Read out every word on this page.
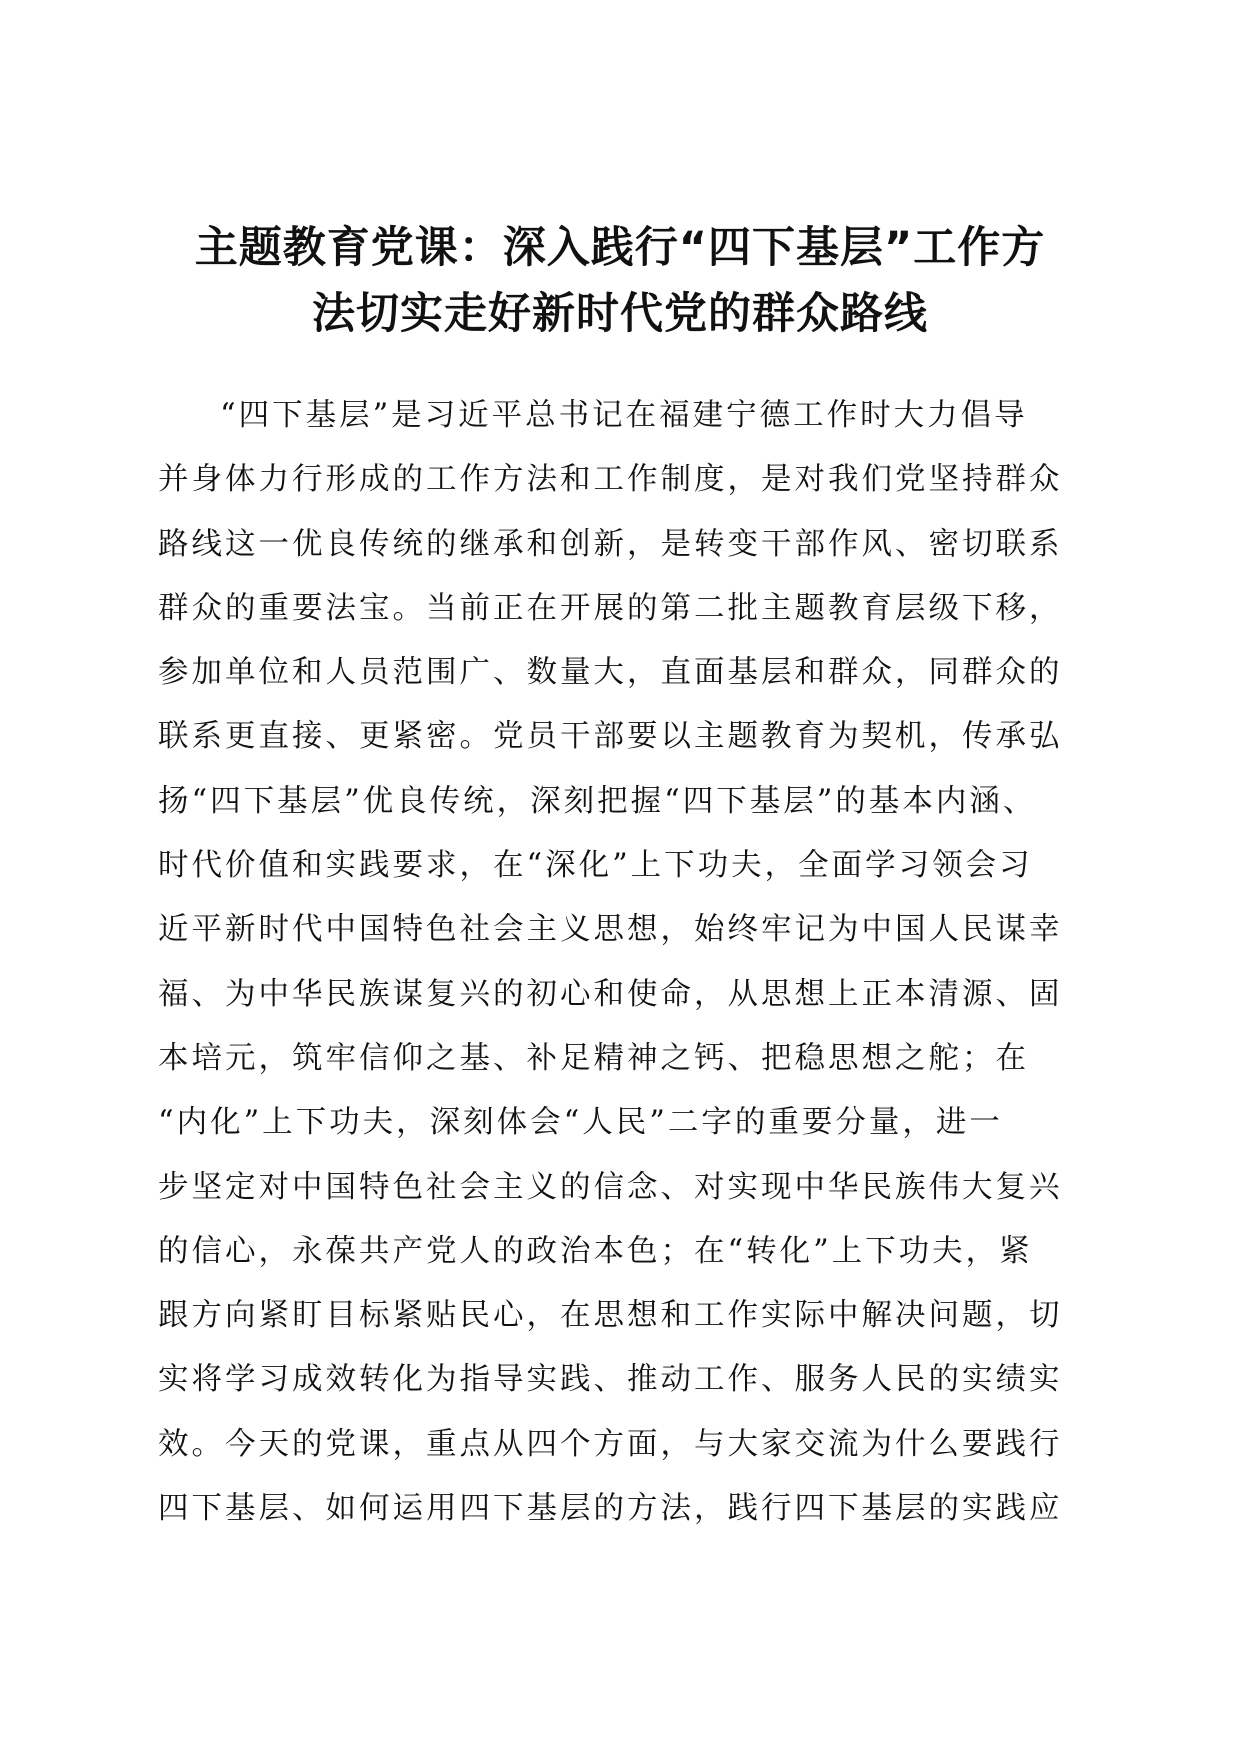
主题教育党课：深入践行“四下基层”工作方
法切实走好新时代党的群众路线
“四下基层”是习近平总书记在福建宁德工作时大力倡导
并身体力行形成的工作方法和工作制度，是对我们党坚持群众
路线这一优良传统的继承和创新，是转变干部作风、密切联系
群众的重要法宝。当前正在开展的第二批主题教育层级下移，
参加单位和人员范围广、数量大，直面基层和群众，同群众的
联系更直接、更紧密。党员干部要以主题教育为契机，传承弘
扬“四下基层”优良传统，深刻把握“四下基层”的基本内涵、
时代价值和实践要求，在“深化”上下功夫，全面学习领会习
近平新时代中国特色社会主义思想，始终牢记为中国人民谋幸
福、为中华民族谋复兴的初心和使命，从思想上正本清源、固
本培元，筑牢信仰之基、补足精神之钙、把稳思想之舵；在
“内化”上下功夫，深刻体会“人民”二字的重要分量，进一
步坚定对中国特色社会主义的信念、对实现中华民族伟大复兴
的信心，永葆共产党人的政治本色；在“转化”上下功夫，紧
跟方向紧盯目标紧贴民心，在思想和工作实际中解决问题，切
实将学习成效转化为指导实践、推动工作、服务人民的实绩实
效。今天的党课，重点从四个方面，与大家交流为什么要践行
四下基层、如何运用四下基层的方法，践行四下基层的实践应
